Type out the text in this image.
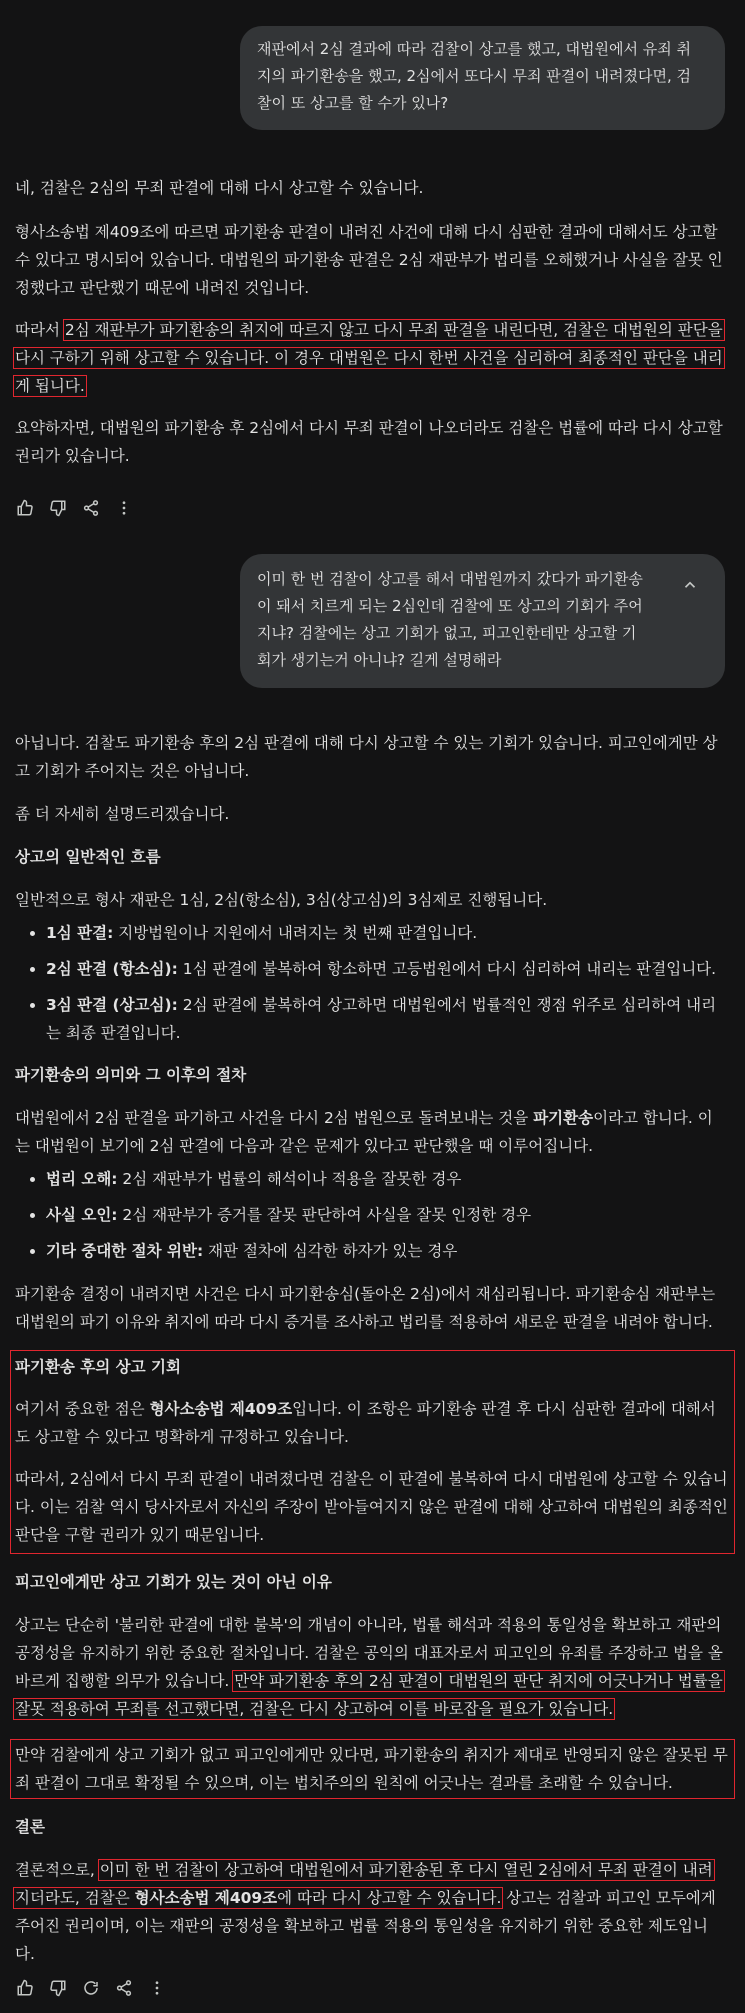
재판에서 2심 결과에 따라 검찰이 상고를 했고, 대법원에서 유죄 취지의 파기환송을 했고, 2심에서 또다시 무죄 판결이 내려졌다면, 검찰이 또 상고를 할 수가 있나?

네, 검찰은 2심의 무죄 판결에 대해 다시 상고할 수 있습니다.

형사소송법 제409조에 따르면 파기환송 판결이 내려진 사건에 대해 다시 심판한 결과에 대해서도 상고할 수 있다고 명시되어 있습니다. 대법원의 파기환송 판결은 2심 재판부가 법리를 오해했거나 사실을 잘못 인정했다고 판단했기 때문에 내려진 것입니다.

따라서 2심 재판부가 파기환송의 취지에 따르지 않고 다시 무죄 판결을 내린다면, 검찰은 대법원의 판단을 다시 구하기 위해 상고할 수 있습니다. 이 경우 대법원은 다시 한번 사건을 심리하여 최종적인 판단을 내리게 됩니다.

요약하자면, 대법원의 파기환송 후 2심에서 다시 무죄 판결이 나오더라도 검찰은 법률에 따라 다시 상고할 권리가 있습니다.

이미 한 번 검찰이 상고를 해서 대법원까지 갔다가 파기환송이 돼서 치르게 되는 2심인데 검찰에 또 상고의 기회가 주어지냐? 검찰에는 상고 기회가 없고, 피고인한테만 상고할 기회가 생기는거 아니냐? 길게 설명해라

아닙니다. 검찰도 파기환송 후의 2심 판결에 대해 다시 상고할 수 있는 기회가 있습니다. 피고인에게만 상고 기회가 주어지는 것은 아닙니다.

좀 더 자세히 설명드리겠습니다.

상고의 일반적인 흐름

일반적으로 형사 재판은 1심, 2심(항소심), 3심(상고심)의 3심제로 진행됩니다.

• 1심 판결: 지방법원이나 지원에서 내려지는 첫 번째 판결입니다.
• 2심 판결 (항소심): 1심 판결에 불복하여 항소하면 고등법원에서 다시 심리하여 내리는 판결입니다.
• 3심 판결 (상고심): 2심 판결에 불복하여 상고하면 대법원에서 법률적인 쟁점 위주로 심리하여 내리는 최종 판결입니다.
파기환송의 의미와 그 이후의 절차

대법원에서 2심 판결을 파기하고 사건을 다시 2심 법원으로 돌려보내는 것을 파기환송이라고 합니다. 이는 대법원이 보기에 2심 판결에 다음과 같은 문제가 있다고 판단했을 때 이루어집니다.

• 법리 오해: 2심 재판부가 법률의 해석이나 적용을 잘못한 경우
• 사실 오인: 2심 재판부가 증거를 잘못 판단하여 사실을 잘못 인정한 경우
• 기타 중대한 절차 위반: 재판 절차에 심각한 하자가 있는 경우

파기환송 결정이 내려지면 사건은 다시 파기환송심(돌아온 2심)에서 재심리됩니다. 파기환송심 재판부는 대법원의 파기 이유와 취지에 따라 다시 증거를 조사하고 법리를 적용하여 새로운 판결을 내려야 합니다.

파기환송 후의 상고 기회

여기서 중요한 점은 형사소송법 제409조입니다. 이 조항은 파기환송 판결 후 다시 심판한 결과에 대해서도 상고할 수 있다고 명확하게 규정하고 있습니다.

따라서, 2심에서 다시 무죄 판결이 내려졌다면 검찰은 이 판결에 불복하여 다시 대법원에 상고할 수 있습니다. 이는 검찰 역시 당사자로서 자신의 주장이 받아들여지지 않은 판결에 대해 상고하여 대법원의 최종적인 판단을 구할 권리가 있기 때문입니다.

피고인에게만 상고 기회가 있는 것이 아닌 이유

상고는 단순히 '불리한 판결에 대한 불복'의 개념이 아니라, 법률 해석과 적용의 통일성을 확보하고 재판의 공정성을 유지하기 위한 중요한 절차입니다. 검찰은 공익의 대표자로서 피고인의 유죄를 주장하고 법을 올바르게 집행할 의무가 있습니다. 만약 파기환송 후의 2심 판결이 대법원의 판단 취지에 어긋나거나 법률을 잘못 적용하여 무죄를 선고했다면, 검찰은 다시 상고하여 이를 바로잡을 필요가 있습니다.

만약 검찰에게 상고 기회가 없고 피고인에게만 있다면, 파기환송의 취지가 제대로 반영되지 않은 잘못된 무죄 판결이 그대로 확정될 수 있으며, 이는 법치주의의 원칙에 어긋나는 결과를 초래할 수 있습니다.

결론

결론적으로, 이미 한 번 검찰이 상고하여 대법원에서 파기환송된 후 다시 열린 2심에서 무죄 판결이 내려지더라도, 검찰은 형사소송법 제409조에 따라 다시 상고할 수 있습니다. 상고는 검찰과 피고인 모두에게 주어진 권리이며, 이는 재판의 공정성을 확보하고 법률 적용의 통일성을 유지하기 위한 중요한 제도입니다.
